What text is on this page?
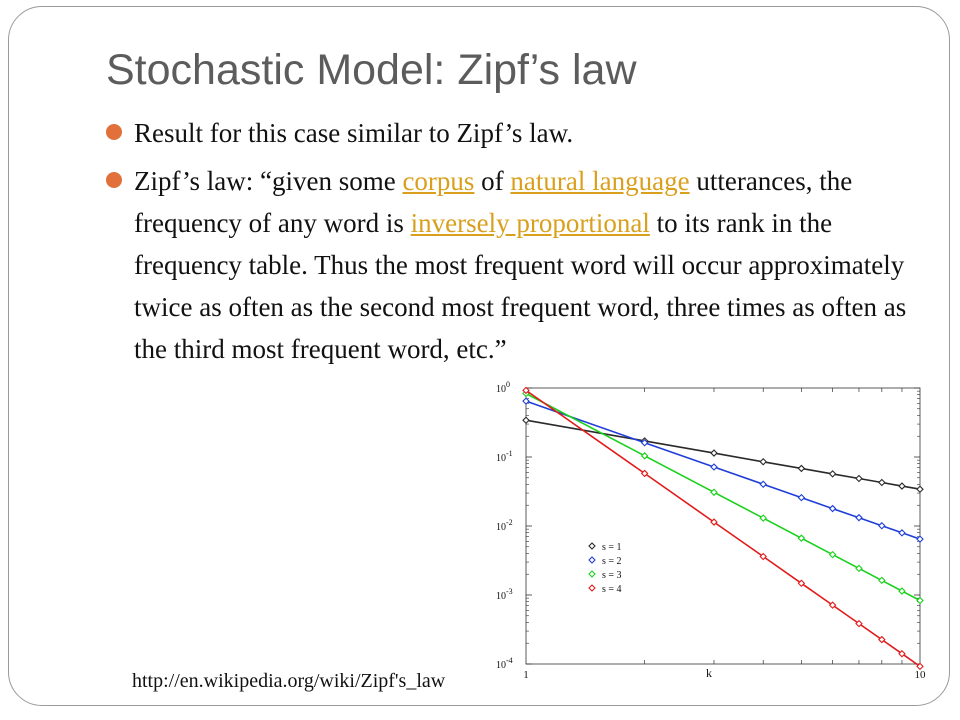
Stochastic Model: Zipf’s law
Result for this case similar to Zipf’s law.
Zipf’s law: “given some corpus of natural language utterances, the frequency of any word is inversely proportional to its rank in the frequency table. Thus the most frequent word will occur approximately twice as often as the second most frequent word, three times as often as the third most frequent word, etc.”
http://en.wikipedia.org/wiki/Zipf's_law
$10^0$
$10^{-1}$
$10^{-2}$
$10^{-3}$
$10^{-4}$
1	10
s = 1
s = 2
s = 3
s = 4
k
